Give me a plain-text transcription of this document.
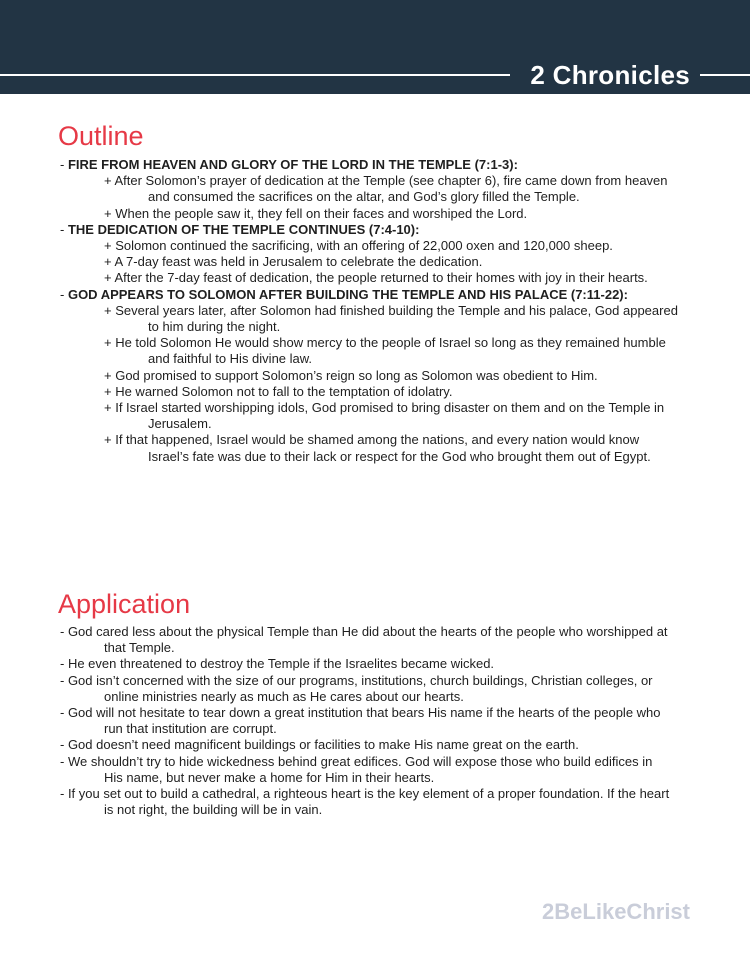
2 Chronicles
Outline
- FIRE FROM HEAVEN AND GLORY OF THE LORD IN THE TEMPLE (7:1-3):
+ After Solomon’s prayer of dedication at the Temple (see chapter 6), fire came down from heaven
and consumed the sacrifices on the altar, and God’s glory filled the Temple.
+ When the people saw it, they fell on their faces and worshiped the Lord.
- THE DEDICATION OF THE TEMPLE CONTINUES (7:4-10):
+ Solomon continued the sacrificing, with an offering of 22,000 oxen and 120,000 sheep.
+ A 7-day feast was held in Jerusalem to celebrate the dedication.
+ After the 7-day feast of dedication, the people returned to their homes with joy in their hearts.
- GOD APPEARS TO SOLOMON AFTER BUILDING THE TEMPLE AND HIS PALACE (7:11-22):
+ Several years later, after Solomon had finished building the Temple and his palace, God appeared
to him during the night.
+ He told Solomon He would show mercy to the people of Israel so long as they remained humble
and faithful to His divine law.
+ God promised to support Solomon’s reign so long as Solomon was obedient to Him.
+ He warned Solomon not to fall to the temptation of idolatry.
+ If Israel started worshipping idols, God promised to bring disaster on them and on the Temple in
Jerusalem.
+ If that happened, Israel would be shamed among the nations, and every nation would know
Israel’s fate was due to their lack or respect for the God who brought them out of Egypt.
Application
- God cared less about the physical Temple than He did about the hearts of the people who worshipped at
that Temple.
- He even threatened to destroy the Temple if the Israelites became wicked.
- God isn’t concerned with the size of our programs, institutions, church buildings, Christian colleges, or
online ministries nearly as much as He cares about our hearts.
- God will not hesitate to tear down a great institution that bears His name if the hearts of the people who
run that institution are corrupt.
- God doesn’t need magnificent buildings or facilities to make His name great on the earth.
- We shouldn’t try to hide wickedness behind great edifices. God will expose those who build edifices in
His name, but never make a home for Him in their hearts.
- If you set out to build a cathedral, a righteous heart is the key element of a proper foundation. If the heart
is not right, the building will be in vain.
2BeLikeChrist
